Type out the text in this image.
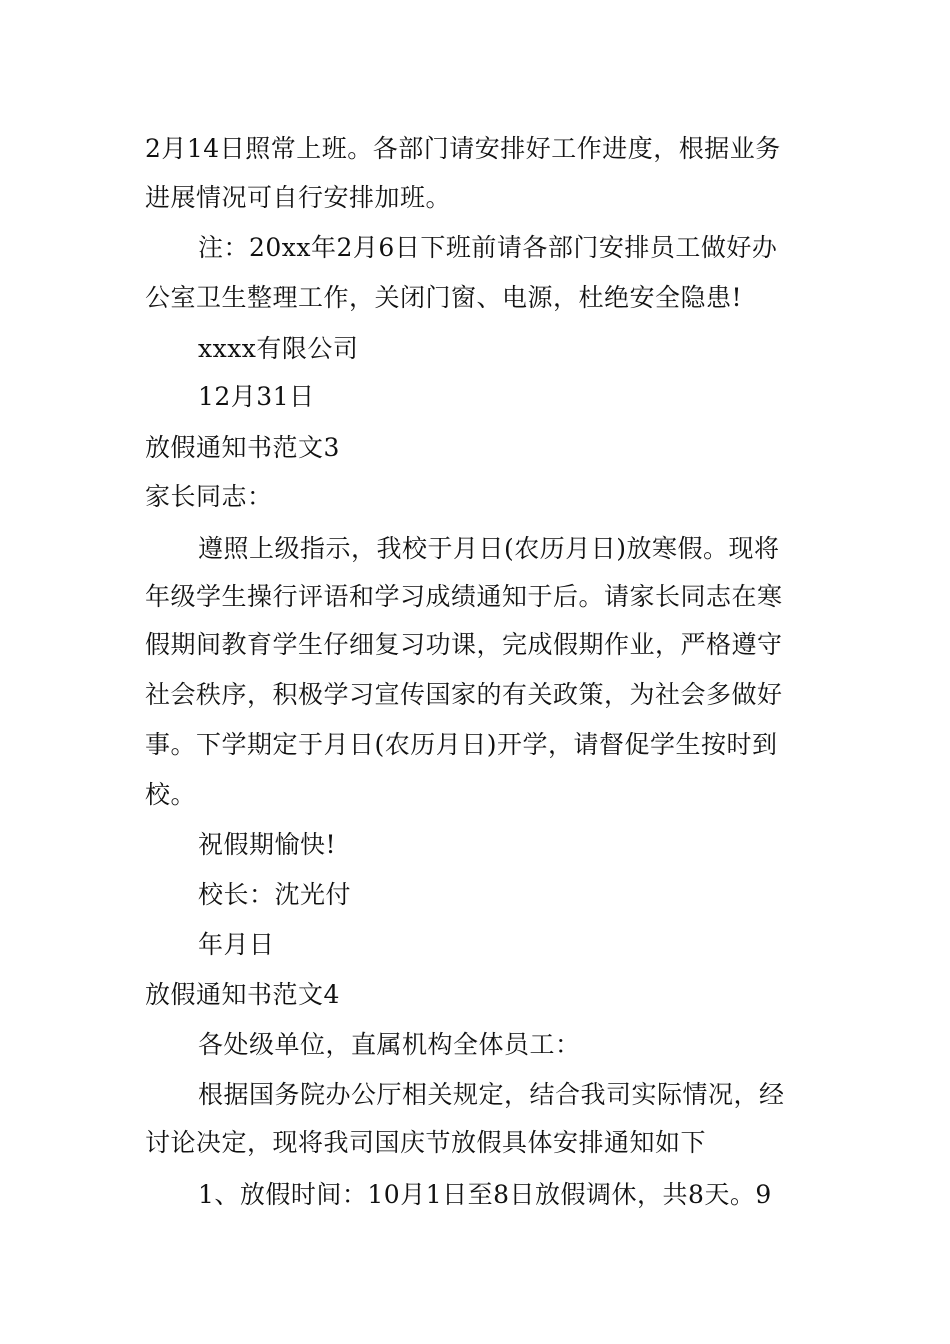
2月14日照常上班。各部门请安排好工作进度，根据业务
进展情况可自行安排加班。
注：20xx年2月6日下班前请各部门安排员工做好办
公室卫生整理工作，关闭门窗、电源，杜绝安全隐患!
xxxx有限公司
12月31日
放假通知书范文3
家长同志：
遵照上级指示，我校于月日(农历月日)放寒假。现将
年级学生操行评语和学习成绩通知于后。请家长同志在寒
假期间教育学生仔细复习功课，完成假期作业，严格遵守
社会秩序，积极学习宣传国家的有关政策，为社会多做好
事。下学期定于月日(农历月日)开学，请督促学生按时到
校。
祝假期愉快!
校长：沈光付
年月日
放假通知书范文4
各处级单位，直属机构全体员工：
根据国务院办公厅相关规定，结合我司实际情况，经
讨论决定，现将我司国庆节放假具体安排通知如下
1、放假时间：10月1日至8日放假调休，共8天。9
